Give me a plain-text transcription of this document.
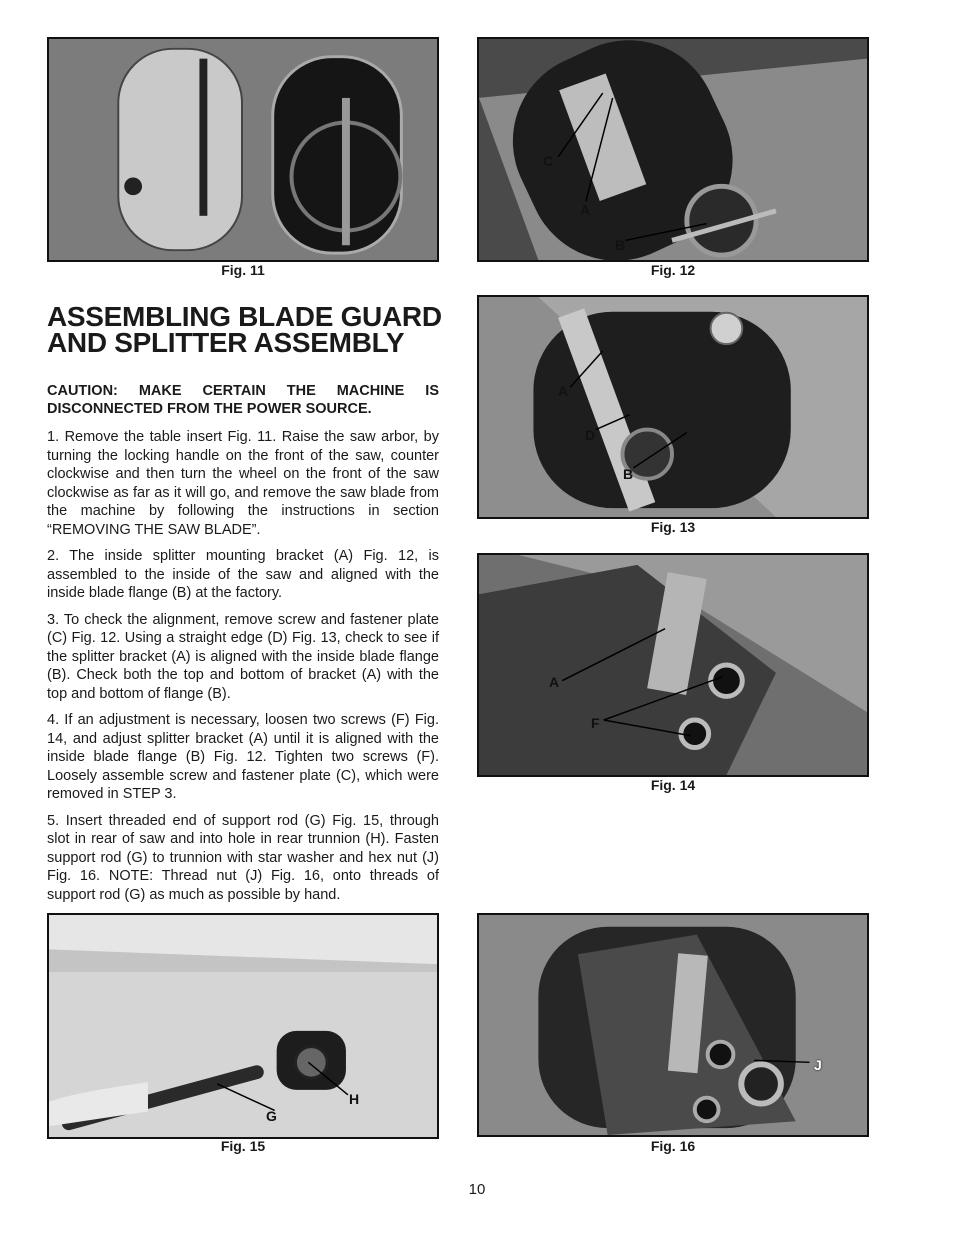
Fig. 11
C
A
B
Fig. 12
ASSEMBLING BLADE GUARD AND SPLITTER ASSEMBLY

CAUTION: MAKE CERTAIN THE MACHINE IS DISCONNECTED FROM THE POWER SOURCE.

1. Remove the table insert Fig. 11. Raise the saw arbor, by turning the locking handle on the front of the saw, counter clockwise and then turn the wheel on the front of the saw clockwise as far as it will go, and remove the saw blade from the machine by following the instructions in section “REMOVING THE SAW BLADE”.

2. The inside splitter mounting bracket (A) Fig. 12, is assembled to the inside of the saw and aligned with the inside blade flange (B) at the factory.

3. To check the alignment, remove screw and fastener plate (C) Fig. 12. Using a straight edge (D) Fig. 13, check to see if the splitter bracket (A) is aligned with the inside blade flange (B). Check both the top and bottom of bracket (A) with the top and bottom of flange (B).

4. If an adjustment is necessary, loosen two screws (F) Fig. 14, and adjust splitter bracket (A) until it is aligned with the inside blade flange (B) Fig. 12. Tighten two screws (F). Loosely assemble screw and fastener plate (C), which were removed in STEP 3.

5. Insert threaded end of support rod (G) Fig. 15, through slot in rear of saw and into hole in rear trunnion (H). Fasten support rod (G) to trunnion with star washer and hex nut (J) Fig. 16. NOTE: Thread nut (J) Fig. 16, onto threads of support rod (G) as much as possible by hand.

A
D
B
Fig. 13
A
F
Fig. 14
G
H
Fig. 15
J
Fig. 16
10
